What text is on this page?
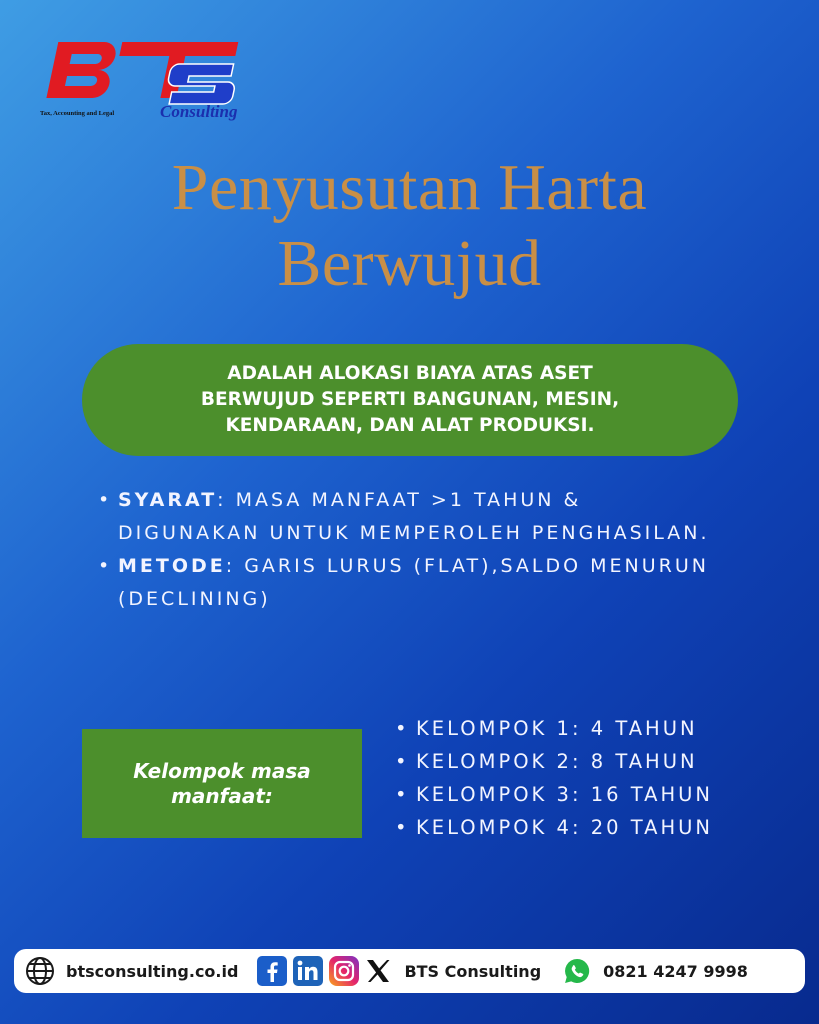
Tax, Accounting and Legal	Consulting
Penyusutan Harta
Berwujud
ADALAH ALOKASI BIAYA ATAS ASET BERWUJUD SEPERTI BANGUNAN, MESIN, KENDARAAN, DAN ALAT PRODUKSI.
• SYARAT: MASA MANFAAT >1 TAHUN & DIGUNAKAN UNTUK MEMPEROLEH PENGHASILAN.
• METODE: GARIS LURUS (FLAT),SALDO MENURUN (DECLINING)
Kelompok masa manfaat:
• KELOMPOK 1: 4 TAHUN
• KELOMPOK 2: 8 TAHUN
• KELOMPOK 3: 16 TAHUN
• KELOMPOK 4: 20 TAHUN
btsconsulting.co.id	BTS Consulting	0821 4247 9998
